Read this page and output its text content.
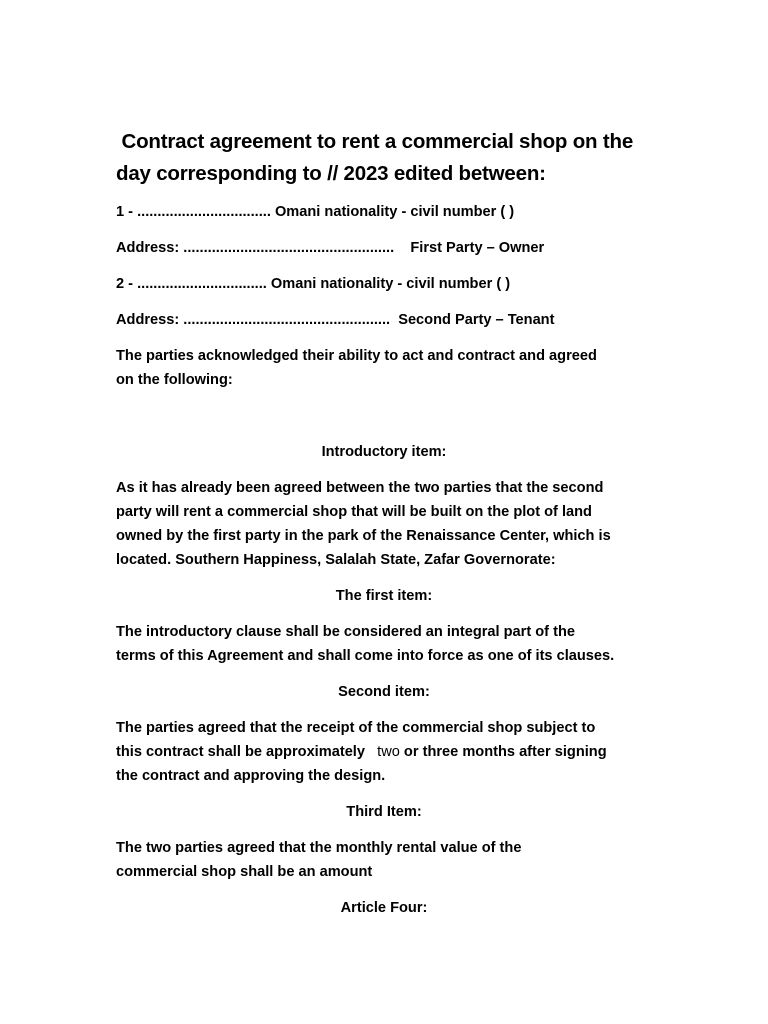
Contract agreement to rent a commercial shop on the
day corresponding to // 2023 edited between:
1 - ................................. Omani nationality - civil number ( )
Address: ....................................................    First Party – Owner
2 - ................................ Omani nationality - civil number ( )
Address: ...................................................  Second Party – Tenant
The parties acknowledged their ability to act and contract and agreed
on the following:
Introductory item:
As it has already been agreed between the two parties that the second
party will rent a commercial shop that will be built on the plot of land
owned by the first party in the park of the Renaissance Center, which is
located. Southern Happiness, Salalah State, Zafar Governorate:
The first item:
The introductory clause shall be considered an integral part of the
terms of this Agreement and shall come into force as one of its clauses.
Second item:
The parties agreed that the receipt of the commercial shop subject to
this contract shall be approximately   two or three months after signing
the contract and approving the design.
Third Item:
The two parties agreed that the monthly rental value of the
commercial shop shall be an amount
Article Four:
